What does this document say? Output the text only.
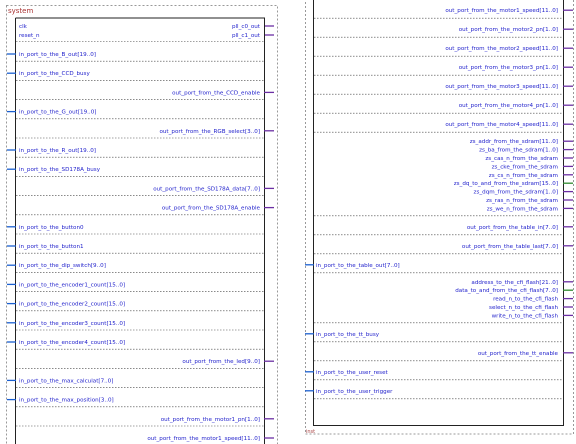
system
inst
clk	pll_c0_out
reset_n	pll_c1_out
in_port_to_the_B_out[19..0]
in_port_to_the_CCD_busy
out_port_from_the_CCD_enable
in_port_to_the_G_out[19..0]
out_port_from_the_RGB_select[3..0]
in_port_to_the_R_out[19..0]
in_port_to_the_SD178A_busy
out_port_from_the_SD178A_data[7..0]
out_port_from_the_SD178A_enable
in_port_to_the_button0
in_port_to_the_button1
in_port_to_the_dip_switch[9..0]
in_port_to_the_encoder1_count[15..0]
in_port_to_the_encoder2_count[15..0]
in_port_to_the_encoder3_count[15..0]
in_port_to_the_encoder4_count[15..0]
out_port_from_the_led[9..0]
in_port_to_the_max_calculat[7..0]
in_port_to_the_max_position[3..0]
out_port_from_the_motor1_pn[1..0]
out_port_from_the_motor1_speed[11..0]
out_port_from_the_motor1_speed[11..0]
out_port_from_the_motor2_pn[1..0]
out_port_from_the_motor2_speed[11..0]
out_port_from_the_motor3_pn[1..0]
out_port_from_the_motor3_speed[11..0]
out_port_from_the_motor4_pn[1..0]
out_port_from_the_motor4_speed[11..0]
zs_addr_from_the_sdram[11..0]
zs_ba_from_the_sdram[1..0]
zs_cas_n_from_the_sdram
zs_cke_from_the_sdram
zs_cs_n_from_the_sdram
zs_dq_to_and_from_the_sdram[15..0]
zs_dqm_from_the_sdram[1..0]
zs_ras_n_from_the_sdram
zs_we_n_from_the_sdram
out_port_from_the_table_in[7..0]
out_port_from_the_table_last[7..0]
in_port_to_the_table_out[7..0]
address_to_the_cfi_flash[21..0]
data_to_and_from_the_cfi_flash[7..0]
read_n_to_the_cfi_flash
select_n_to_the_cfi_flash
write_n_to_the_cfi_flash
in_port_to_the_tt_busy
out_port_from_the_tt_enable
in_port_to_the_user_reset
in_port_to_the_user_trigger
